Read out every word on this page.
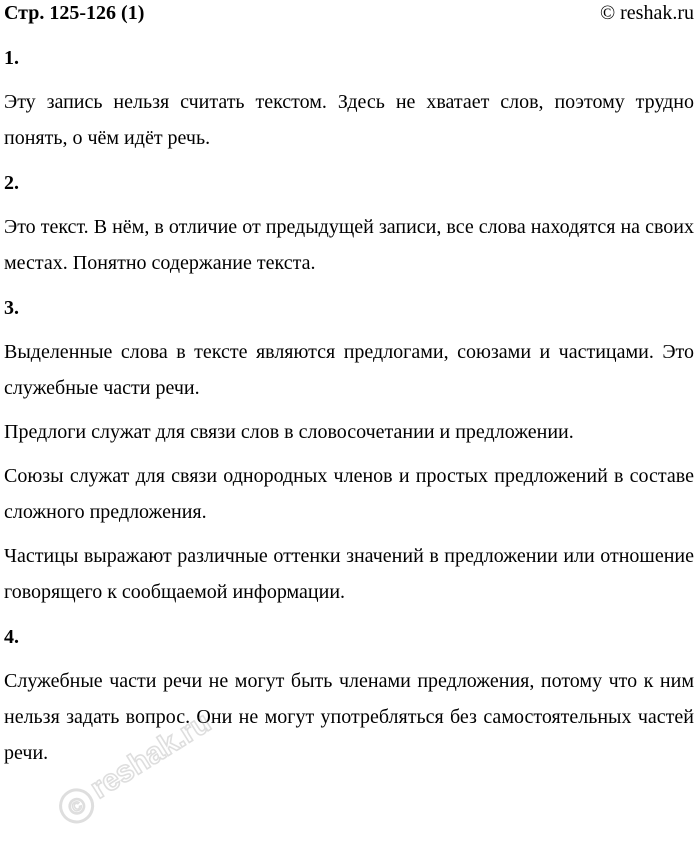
Стр. 125-126 (1)	© reshak.ru

1.

Эту запись нельзя считать текстом. Здесь не хватает слов, поэтому трудно понять, о чём идёт речь.

2.

Это текст. В нём, в отличие от предыдущей записи, все слова находятся на своих местах. Понятно содержание текста.

3.

Выделенные слова в тексте являются предлогами, союзами и частицами. Это служебные части речи.

Предлоги служат для связи слов в словосочетании и предложении.

Союзы служат для связи однородных членов и простых предложений в составе сложного предложения.

Частицы выражают различные оттенки значений в предложении или отношение говорящего к сообщаемой информации.

4.

Служебные части речи не могут быть членами предложения, потому что к ним нельзя задать вопрос. Они не могут употребляться без самостоятельных частей речи.

©
reshak.ru
